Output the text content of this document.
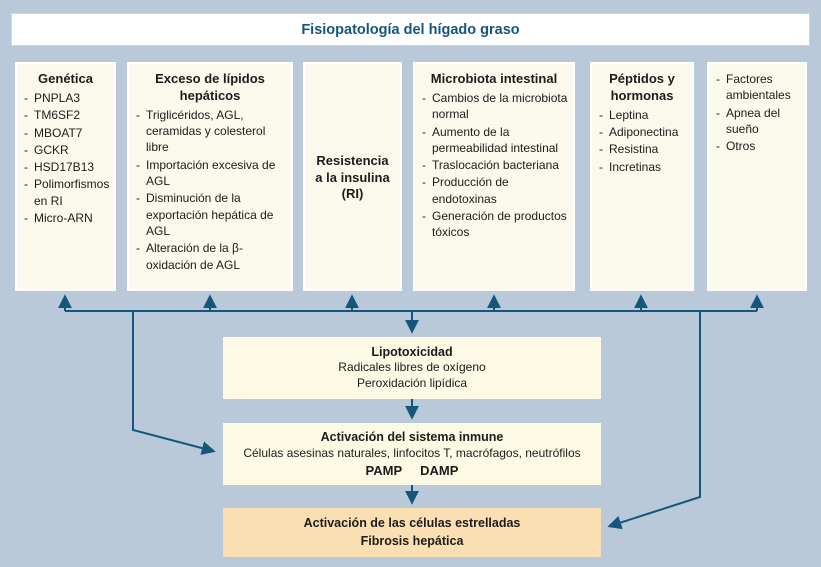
Fisiopatología del hígado graso
Genética
- PNPLA3
- TM6SF2
- MBOAT7
- GCKR
- HSD17B13
- Polimorfismos en RI
- Micro-ARN
Exceso de lípidos hepáticos
- Triglicéridos, AGL, ceramidas y colesterol libre
- Importación excesiva de AGL
- Disminución de la exportación hepática de AGL
- Alteración de la β-oxidación de AGL
Resistencia a la insulina (RI)
Microbiota intestinal
- Cambios de la microbiota normal
- Aumento de la permeabilidad intestinal
- Traslocación bacteriana
- Producción de endotoxinas
- Generación de productos tóxicos
Péptidos y hormonas
- Leptina
- Adiponectina
- Resistina
- Incretinas
- Factores ambientales
- Apnea del sueño
- Otros
Lipotoxicidad
Radicales libres de oxígeno
Peroxidación lipídica
Activación del sistema inmune
Células asesinas naturales, linfocitos T, macrófagos, neutrófilos
PAMP DAMP
Activación de las células estrelladas
Fibrosis hepática
